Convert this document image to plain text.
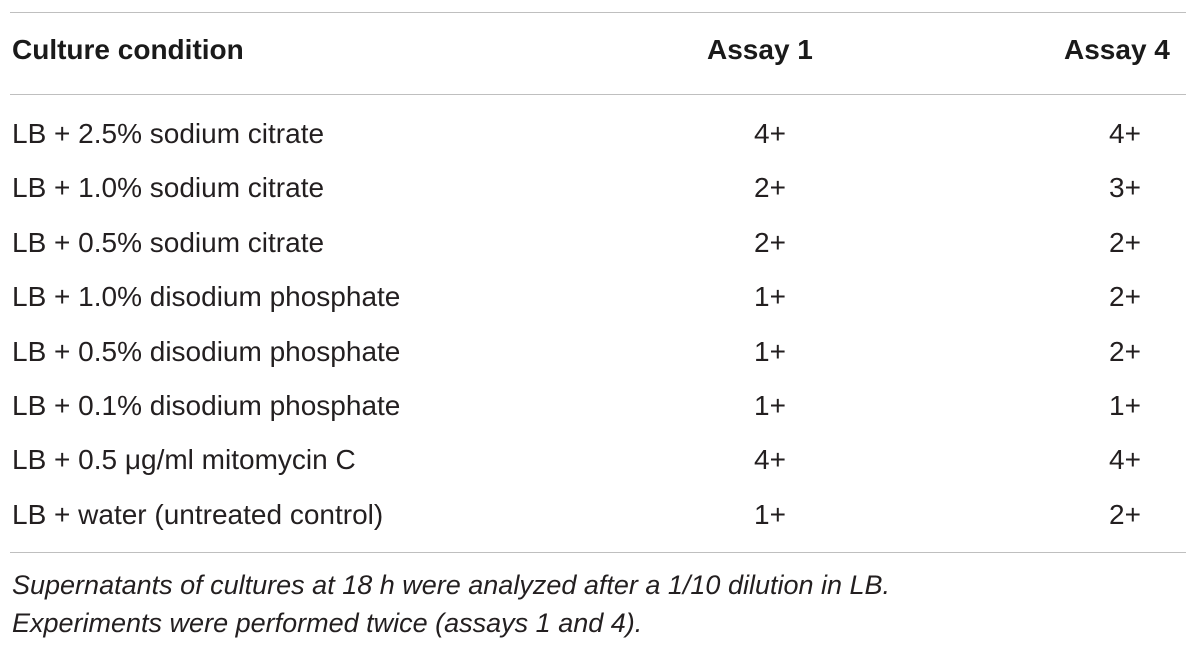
Culture condition	Assay 1	Assay 4
LB + 2.5% sodium citrate	4+	4+
LB + 1.0% sodium citrate	2+	3+
LB + 0.5% sodium citrate	2+	2+
LB + 1.0% disodium phosphate	1+	2+
LB + 0.5% disodium phosphate	1+	2+
LB + 0.1% disodium phosphate	1+	1+
LB + 0.5 μg/ml mitomycin C	4+	4+
LB + water (untreated control)	1+	2+
Supernatants of cultures at 18 h were analyzed after a 1/10 dilution in LB.
Experiments were performed twice (assays 1 and 4).
